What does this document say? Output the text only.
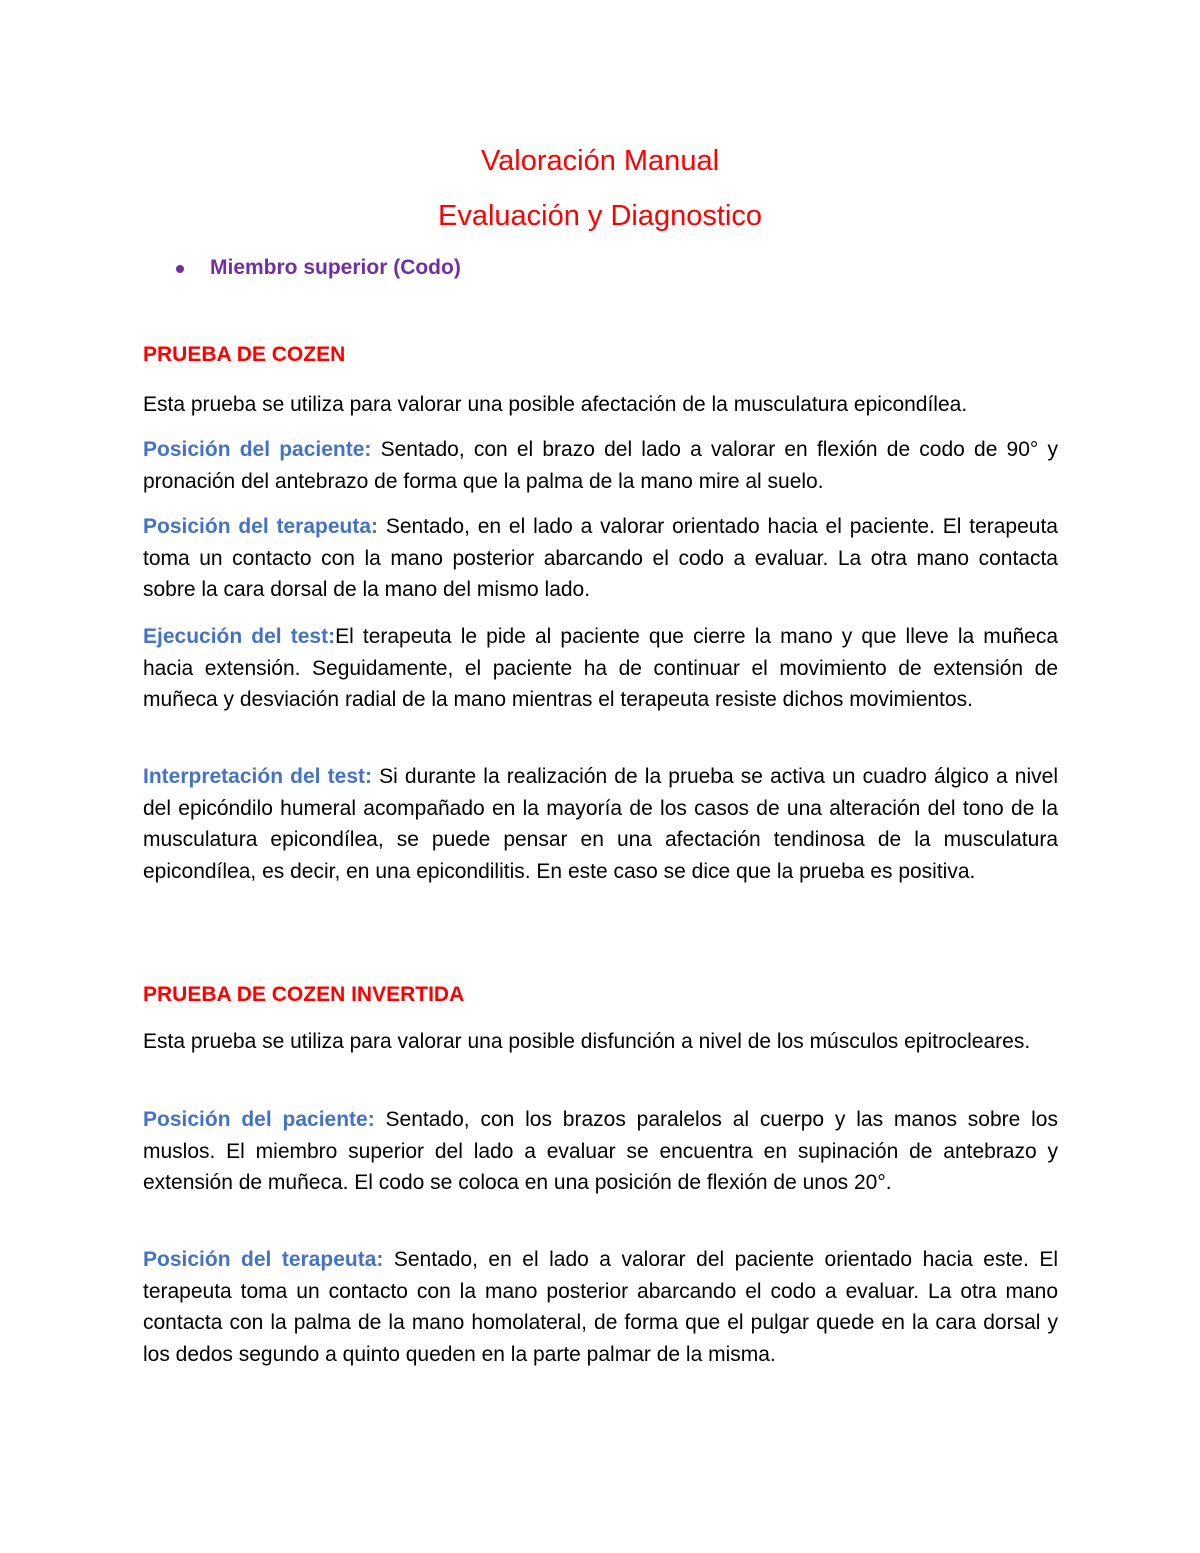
Valoración Manual
Evaluación y Diagnostico
Miembro superior (Codo)
PRUEBA DE COZEN

Esta prueba se utiliza para valorar una posible afectación de la musculatura epicondílea.

Posición del paciente: Sentado, con el brazo del lado a valorar en flexión de codo de 90° y pronación del antebrazo de forma que la palma de la mano mire al suelo.

Posición del terapeuta: Sentado, en el lado a valorar orientado hacia el paciente. El terapeuta toma un contacto con la mano posterior abarcando el codo a evaluar. La otra mano contacta sobre la cara dorsal de la mano del mismo lado.

Ejecución del test:El terapeuta le pide al paciente que cierre la mano y que lleve la muñeca hacia extensión. Seguidamente, el paciente ha de continuar el movimiento de extensión de muñeca y desviación radial de la mano mientras el terapeuta resiste dichos movimientos.

Interpretación del test: Si durante la realización de la prueba se activa un cuadro álgico a nivel del epicóndilo humeral acompañado en la mayoría de los casos de una alteración del tono de la musculatura epicondílea, se puede pensar en una afectación tendinosa de la musculatura epicondílea, es decir, en una epicondilitis. En este caso se dice que la prueba es positiva.

PRUEBA DE COZEN INVERTIDA

Esta prueba se utiliza para valorar una posible disfunción a nivel de los músculos epitrocleares.

Posición del paciente: Sentado, con los brazos paralelos al cuerpo y las manos sobre los muslos. El miembro superior del lado a evaluar se encuentra en supinación de antebrazo y extensión de muñeca. El codo se coloca en una posición de flexión de unos 20°.

Posición del terapeuta: Sentado, en el lado a valorar del paciente orientado hacia este. El terapeuta toma un contacto con la mano posterior abarcando el codo a evaluar. La otra mano contacta con la palma de la mano homolateral, de forma que el pulgar quede en la cara dorsal y los dedos segundo a quinto queden en la parte palmar de la misma.
